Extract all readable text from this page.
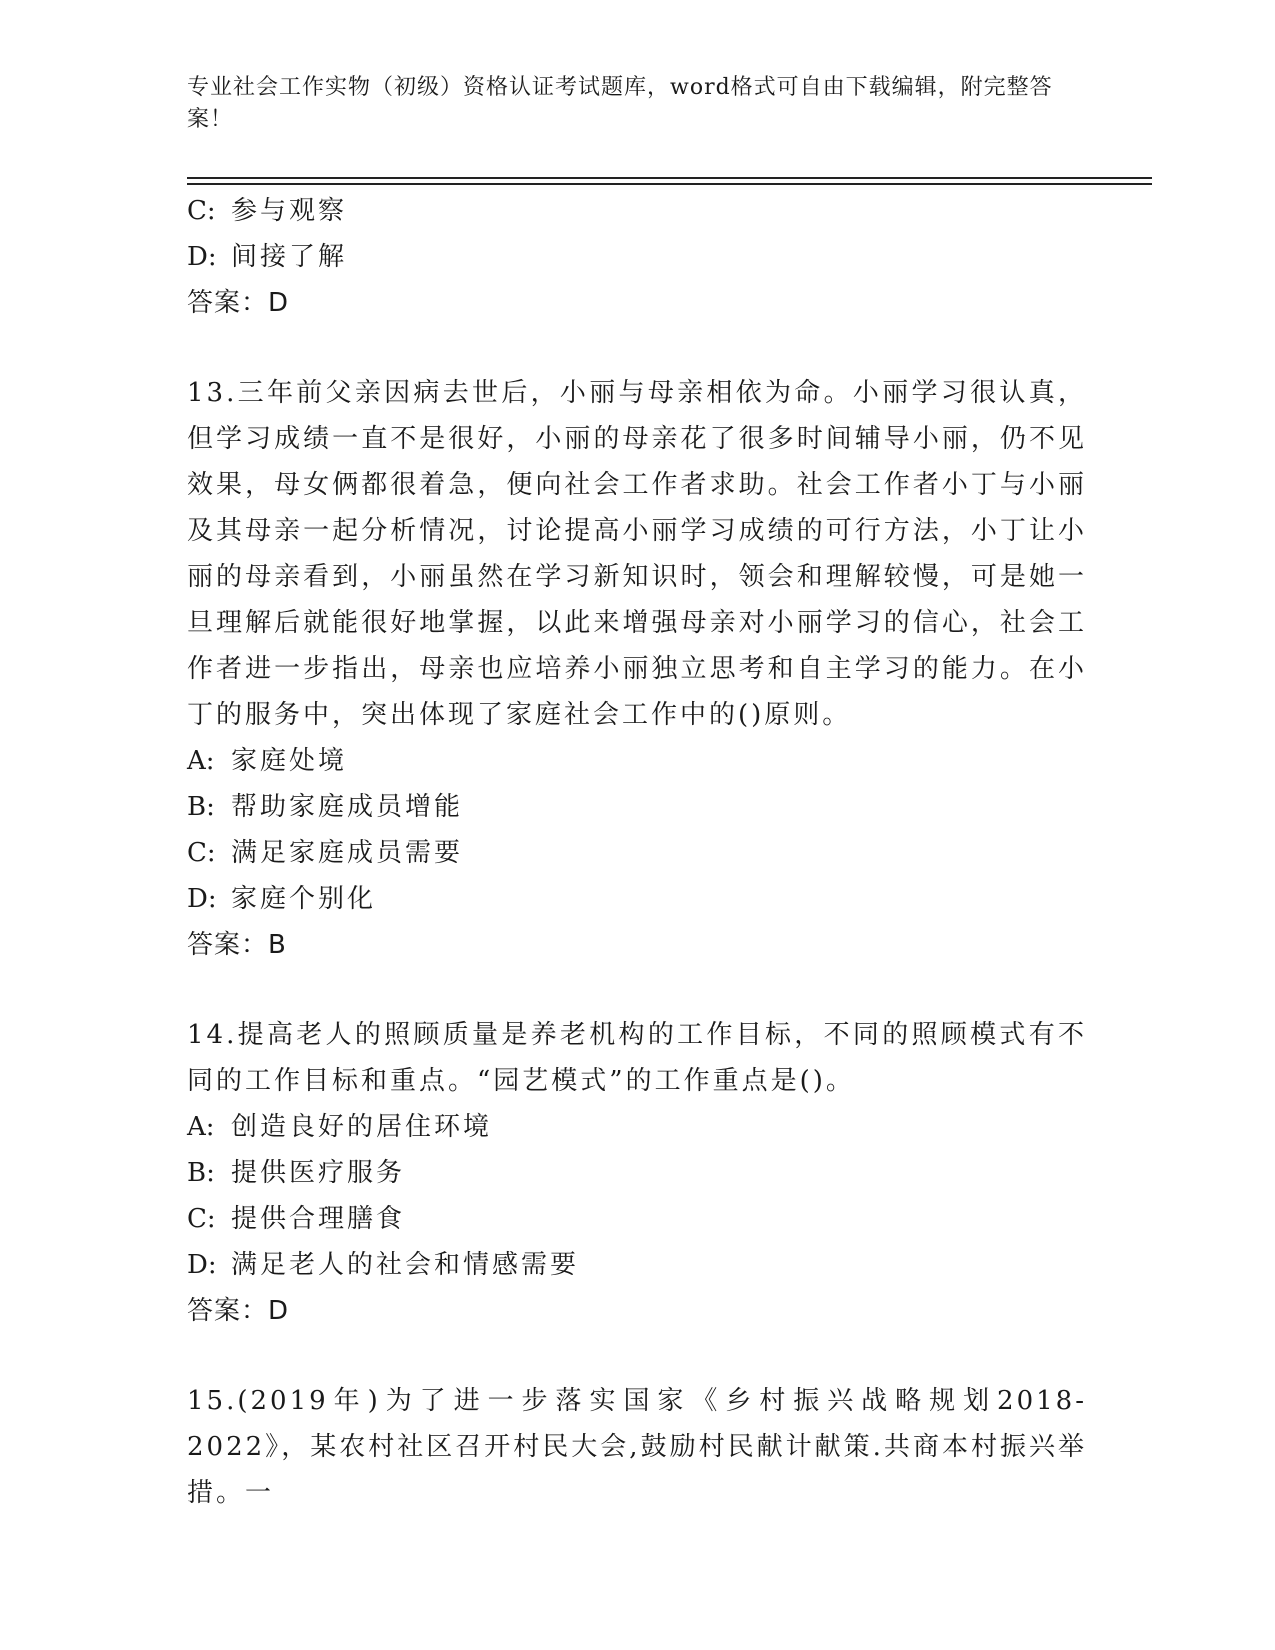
专业社会工作实物（初级）资格认证考试题库，word格式可自由下载编辑，附完整答案！
C: 参与观察
D: 间接了解
答案：D
13.三年前父亲因病去世后，小丽与母亲相依为命。小丽学习很认真，但学习成绩一直不是很好，小丽的母亲花了很多时间辅导小丽，仍不见效果，母女俩都很着急，便向社会工作者求助。社会工作者小丁与小丽及其母亲一起分析情况，讨论提高小丽学习成绩的可行方法，小丁让小丽的母亲看到，小丽虽然在学习新知识时，领会和理解较慢，可是她一旦理解后就能很好地掌握，以此来增强母亲对小丽学习的信心，社会工作者进一步指出，母亲也应培养小丽独立思考和自主学习的能力。在小丁的服务中，突出体现了家庭社会工作中的()原则。
A: 家庭处境
B: 帮助家庭成员增能
C: 满足家庭成员需要
D: 家庭个别化
答案：B
14.提高老人的照顾质量是养老机构的工作目标，不同的照顾模式有不同的工作目标和重点。“园艺模式”的工作重点是()。
A: 创造良好的居住环境
B: 提供医疗服务
C: 提供合理膳食
D: 满足老人的社会和情感需要
答案：D
15.(2019年)为了进一步落实国家《乡村振兴战略规划2018-2022》，某农村社区召开村民大会,鼓励村民献计献策.共商本村振兴举措。一
